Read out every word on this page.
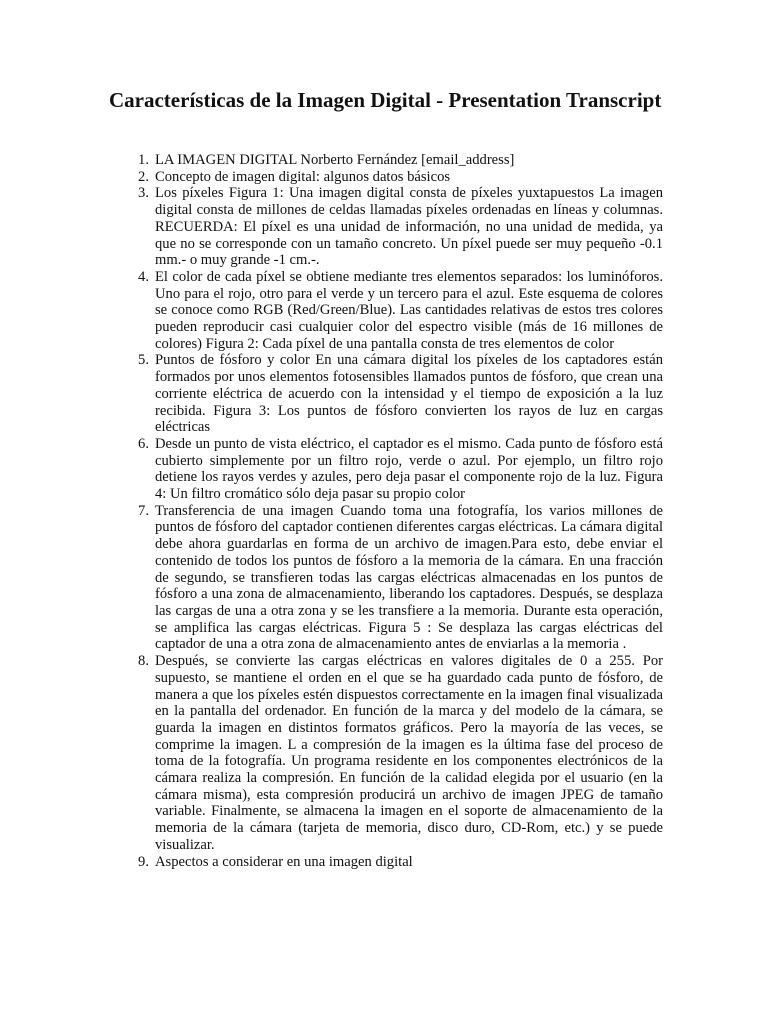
Características de la Imagen Digital - Presentation Transcript
1. LA IMAGEN DIGITAL Norberto Fernández [email_address]
2. Concepto de imagen digital: algunos datos básicos
3. Los píxeles Figura 1: Una imagen digital consta de píxeles yuxtapuestos La imagen digital consta de millones de celdas llamadas píxeles ordenadas en líneas y columnas. RECUERDA: El píxel es una unidad de información, no una unidad de medida, ya que no se corresponde con un tamaño concreto. Un píxel puede ser muy pequeño -0.1 mm.- o muy grande -1 cm.-.
4. El color de cada píxel se obtiene mediante tres elementos separados: los luminóforos. Uno para el rojo, otro para el verde y un tercero para el azul. Este esquema de colores se conoce como RGB (Red/Green/Blue). Las cantidades relativas de estos tres colores pueden reproducir casi cualquier color del espectro visible (más de 16 millones de colores) Figura 2: Cada píxel de una pantalla consta de tres elementos de color
5. Puntos de fósforo y color En una cámara digital los píxeles de los captadores están formados por unos elementos fotosensibles llamados puntos de fósforo, que crean una corriente eléctrica de acuerdo con la intensidad y el tiempo de exposición a la luz recibida. Figura 3: Los puntos de fósforo convierten los rayos de luz en cargas eléctricas
6. Desde un punto de vista eléctrico, el captador es el mismo. Cada punto de fósforo está cubierto simplemente por un filtro rojo, verde o azul. Por ejemplo, un filtro rojo detiene los rayos verdes y azules, pero deja pasar el componente rojo de la luz. Figura 4: Un filtro cromático sólo deja pasar su propio color
7. Transferencia de una imagen Cuando toma una fotografía, los varios millones de puntos de fósforo del captador contienen diferentes cargas eléctricas. La cámara digital debe ahora guardarlas en forma de un archivo de imagen.Para esto, debe enviar el contenido de todos los puntos de fósforo a la memoria de la cámara. En una fracción de segundo, se transfieren todas las cargas eléctricas almacenadas en los puntos de fósforo a una zona de almacenamiento, liberando los captadores. Después, se desplaza las cargas de una a otra zona y se les transfiere a la memoria. Durante esta operación, se amplifica las cargas eléctricas. Figura 5 : Se desplaza las cargas eléctricas del captador de una a otra zona de almacenamiento antes de enviarlas a la memoria .
8. Después, se convierte las cargas eléctricas en valores digitales de 0 a 255. Por supuesto, se mantiene el orden en el que se ha guardado cada punto de fósforo, de manera a que los píxeles estén dispuestos correctamente en la imagen final visualizada en la pantalla del ordenador. En función de la marca y del modelo de la cámara, se guarda la imagen en distintos formatos gráficos. Pero la mayoría de las veces, se comprime la imagen. L a compresión de la imagen es la última fase del proceso de toma de la fotografía. Un programa residente en los componentes electrónicos de la cámara realiza la compresión. En función de la calidad elegida por el usuario (en la cámara misma), esta compresión producirá un archivo de imagen JPEG de tamaño variable. Finalmente, se almacena la imagen en el soporte de almacenamiento de la memoria de la cámara (tarjeta de memoria, disco duro, CD-Rom, etc.) y se puede visualizar.
9. Aspectos a considerar en una imagen digital
